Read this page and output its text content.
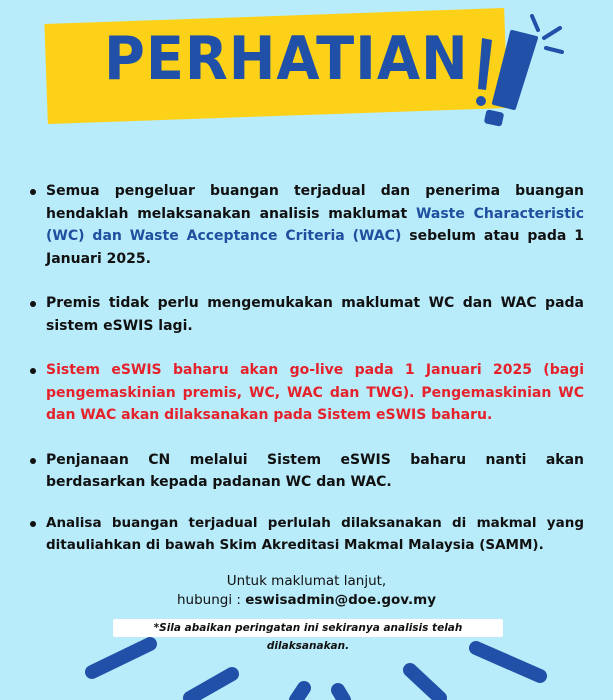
PERHATIAN
Semua pengeluar buangan terjadual dan penerima buangan hendaklah melaksanakan analisis maklumat Waste Characteristic (WC) dan Waste Acceptance Criteria (WAC) sebelum atau pada 1 Januari 2025.
Premis tidak perlu mengemukakan maklumat WC dan WAC pada sistem eSWIS lagi.
Sistem eSWIS baharu akan go-live pada 1 Januari 2025 (bagi pengemaskinian premis, WC, WAC dan TWG). Pengemaskinian WC dan WAC akan dilaksanakan pada Sistem eSWIS baharu.
Penjanaan CN melalui Sistem eSWIS baharu nanti akan berdasarkan kepada padanan WC dan WAC.
Analisa buangan terjadual perlulah dilaksanakan di makmal yang ditauliahkan di bawah Skim Akreditasi Makmal Malaysia (SAMM).
Untuk maklumat lanjut,
hubungi : eswisadmin@doe.gov.my
*Sila abaikan peringatan ini sekiranya analisis telah dilaksanakan.
